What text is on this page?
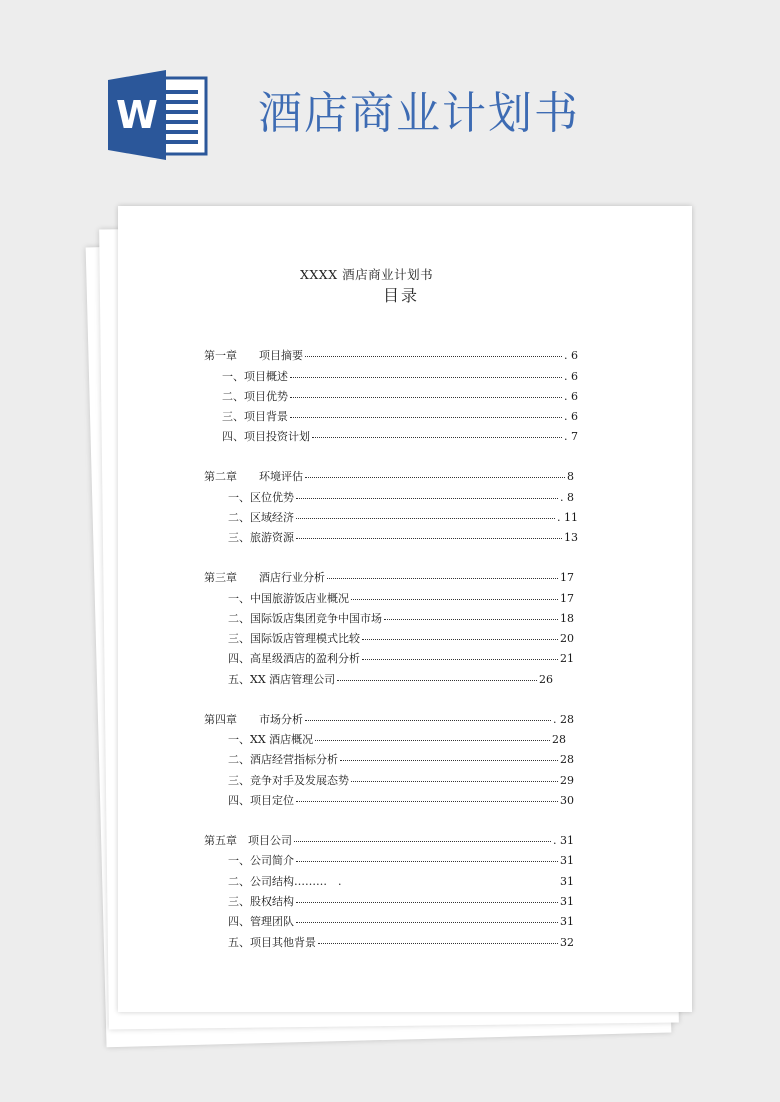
W 酒店商业计划书
XXXX 酒店商业计划书
目录
第一章　　项目摘要	. 6
一、项目概述	. 6
二、项目优势	. 6
三、项目背景	. 6
四、项目投资计划	. 7
第二章　　环境评估	8
一、区位优势	. 8
二、区域经济	. 11
三、旅游资源	13
第三章　　酒店行业分析	17
一、中国旅游饭店业概况	17
二、国际饭店集团竞争中国市场	18
三、国际饭店管理模式比较	20
四、高星级酒店的盈利分析	21
五、XX 酒店管理公司	26
第四章　　市场分析	. 28
一、XX 酒店概况	28
二、酒店经营指标分析	28
三、竞争对手及发展态势	29
四、项目定位	30
第五章　项目公司	. 31
一、公司简介	31
二、公司结构………　.	31
三、股权结构	31
四、管理团队	31
五、项目其他背景	32
